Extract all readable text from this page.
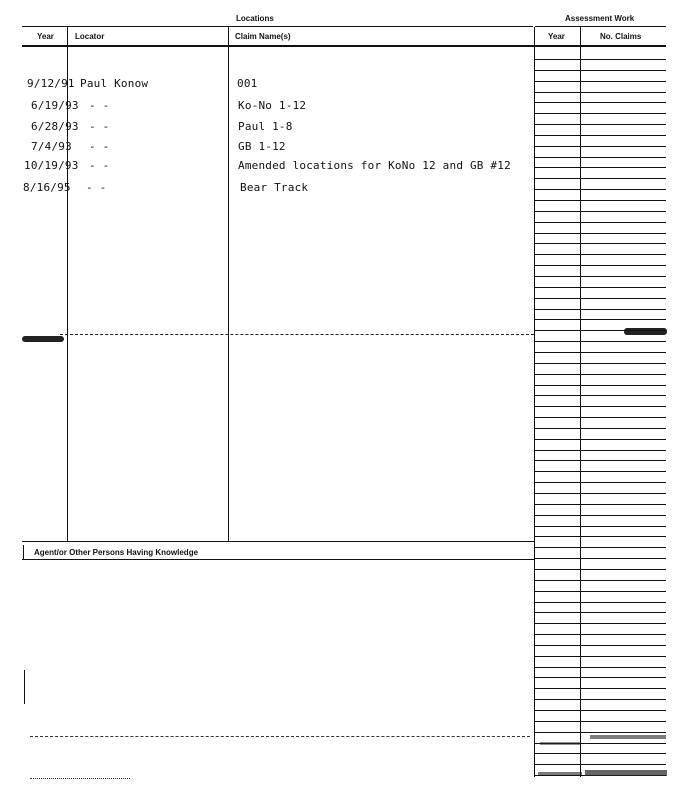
Locations	Assessment Work
Year	Locator	Claim Name(s)	Year	No. Claims
9/12/91 Paul Konow	001
6/19/93 - -	Ko-No 1-12
6/28/93 - -	Paul 1-8
7/4/93 - -	GB 1-12
10/19/93 - -	Amended locations for KoNo 12 and GB #12
8/16/95 - -	Bear Track
Agent/or Other Persons Having Knowledge
